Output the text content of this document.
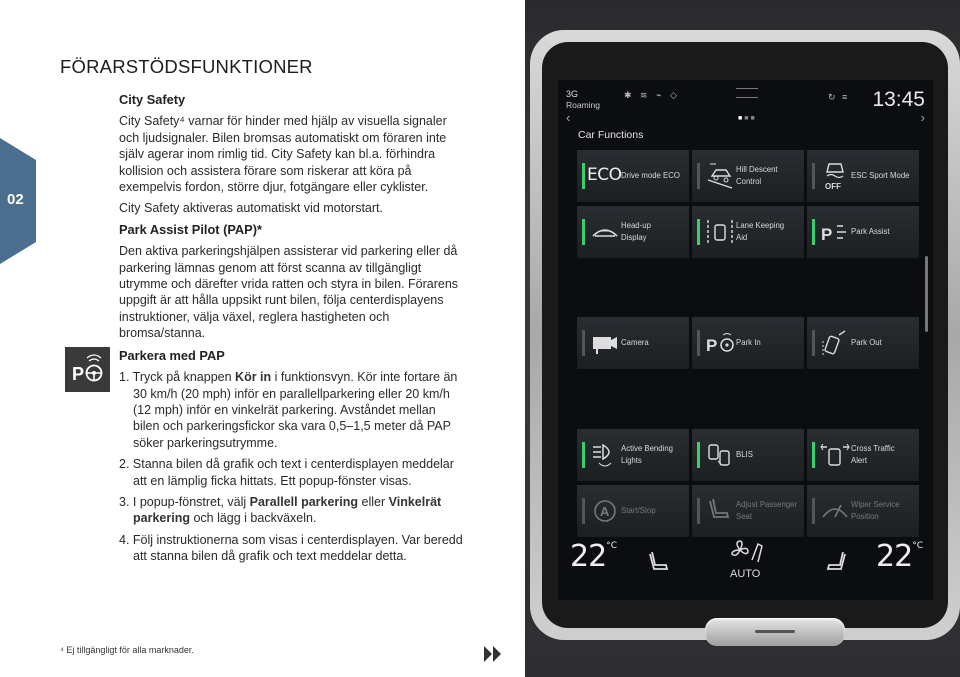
FÖRARSTÖDSFUNKTIONER
02
City Safety

City Safety⁴ varnar för hinder med hjälp av visuella signaler och ljudsignaler. Bilen bromsas automatiskt om föraren inte själv agerar inom rimlig tid. City Safety kan bl.a. förhindra kollision och assistera förare som riskerar att köra på exempelvis fordon, större djur, fotgängare eller cyklister.

City Safety aktiveras automatiskt vid motorstart.

Park Assist Pilot (PAP)*

Den aktiva parkeringshjälpen assisterar vid parkering eller då parkering lämnas genom att först scanna av tillgängligt utrymme och därefter vrida ratten och styra in bilen. Förarens uppgift är att hålla uppsikt runt bilen, följa centerdisplayens instruktioner, välja växel, reglera hastigheten och bromsa/stanna.

Parkera med PAP
1. Tryck på knappen Kör in i funktionsvyn. Kör inte fortare än 30 km/h (20 mph) inför en parallellparkering eller 20 km/h (12 mph) inför en vinkelrät parkering. Avståndet mellan bilen och parkeringsfickor ska vara 0,5–1,5 meter då PAP söker parkeringsutrymme.
2. Stanna bilen då grafik och text i centerdisplayen meddelar att en lämplig ficka hittats. Ett popup-fönster visas.
3. I popup-fönstret, välj Parallell parkering eller Vinkelrät parkering och lägg i backväxeln.
4. Följ instruktionerna som visas i centerdisplayen. Var beredd att stanna bilen då grafik och text meddelar detta.
P
⁴ Ej tillgängligt för alla marknader.
3G
Roaming
✱ ≋ ⌁ ◇	↻ ≡ 13:45
‹	■■■	›
Car Functions
ECO Drive mode ECO
Hill Descent
Control
OFF
ESC Sport Mode
Head-up
Display
Lane Keeping
Aid	P Park Assist
Camera	P Park In	Park Out
Active Bending
Lights
BLIS
Cross Traffic
Alert
A Start/Stop
Adjust Passenger
Seat
Wiper Service
Position
$22^{^\circ C}$
AUTO	$22^{^\circ C}$
